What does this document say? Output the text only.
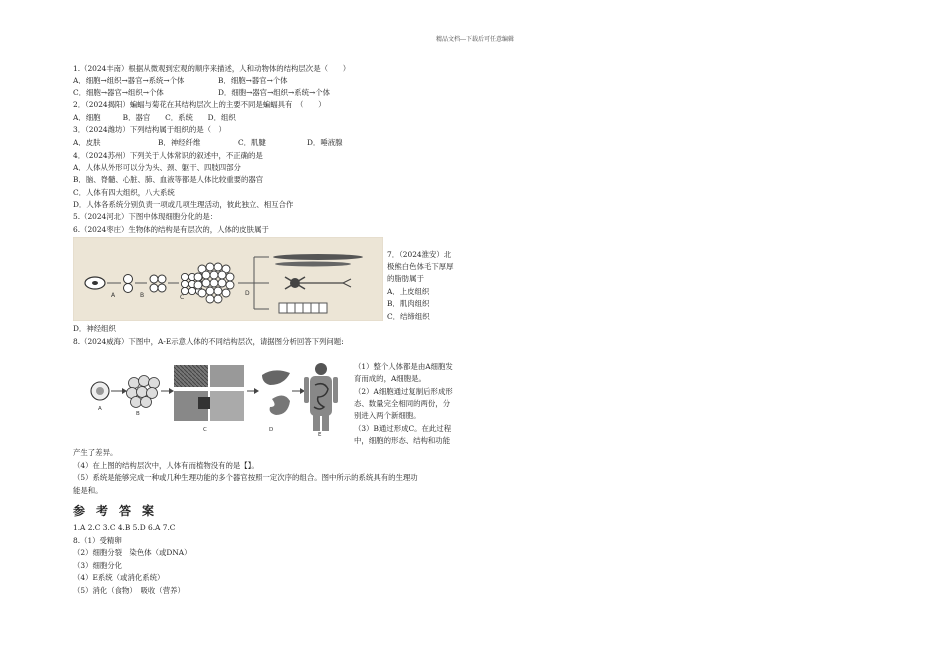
精品文档---下载后可任意编辑
1.（2024丰南）根据从微观到宏观的顺序来描述，人和动物体的结构层次是（　　）
A．细胞→组织→器官→系统→个体	B．细胞→器官→个体
C．细胞→器官→组织→个体	D．细胞→器官→组织→系统→个体
2．（2024揭阳）蝙蝠与菊花在其结构层次上的主要不同是蝙蝠具有　（　　）
A．细胞　　　B．器官　　C．系统　　D．组织
3．（2024潍坊）下列结构属于组织的是（　）
A．皮肤	B．神经纤维	C．肌腱	D．唾液腺
4．（2024苏州）下列关于人体常识的叙述中，不正确的是
A．人体从外形可以分为头、颈、躯干、四肢四部分
B．脑、脊髓、心脏、肺、血液等都是人体比较重要的器官
C．人体有四大组织，八大系统
D．人体各系统分别负责一项或几项生理活动，彼此独立、相互合作
5.（2024河北）下图中体现细胞分化的是：
6.（2024枣庄）生物体的结构是有层次的，人体的皮肤属于
A	B	C
D
7．（2024淮安）北
极熊白色体毛下厚厚
的脂肪属于
A．上皮组织
B．肌肉组织
C．结缔组织
D．神经组织
8.（2024威海）下图中，A-E示意人体的不同结构层次，请据图分析回答下列问题:
A
B
C	D
E
（1）整个人体都是由A细胞发
育而成的，A细胞是。
（2）A细胞通过复制后形成形
态、数量完全相同的两份，分
别进入两个新细胞。
（3）B通过形成C。在此过程
中，细胞的形态、结构和功能
产生了差异。
（4）在上图的结构层次中，人体有而植物没有的是【】。
（5）系统是能够完成一种或几种生理功能的多个器官按照一定次序的组合。图中所示的系统具有的生理功
能是和。
参考答案
1.A 2.C 3.C 4.B 5.D 6.A 7.C
8.（1）受精卵
（2）细胞分裂　染色体（或DNA）
（3）细胞分化
（4）E系统（或消化系统）
（5）消化（食物）　吸收（营养）
